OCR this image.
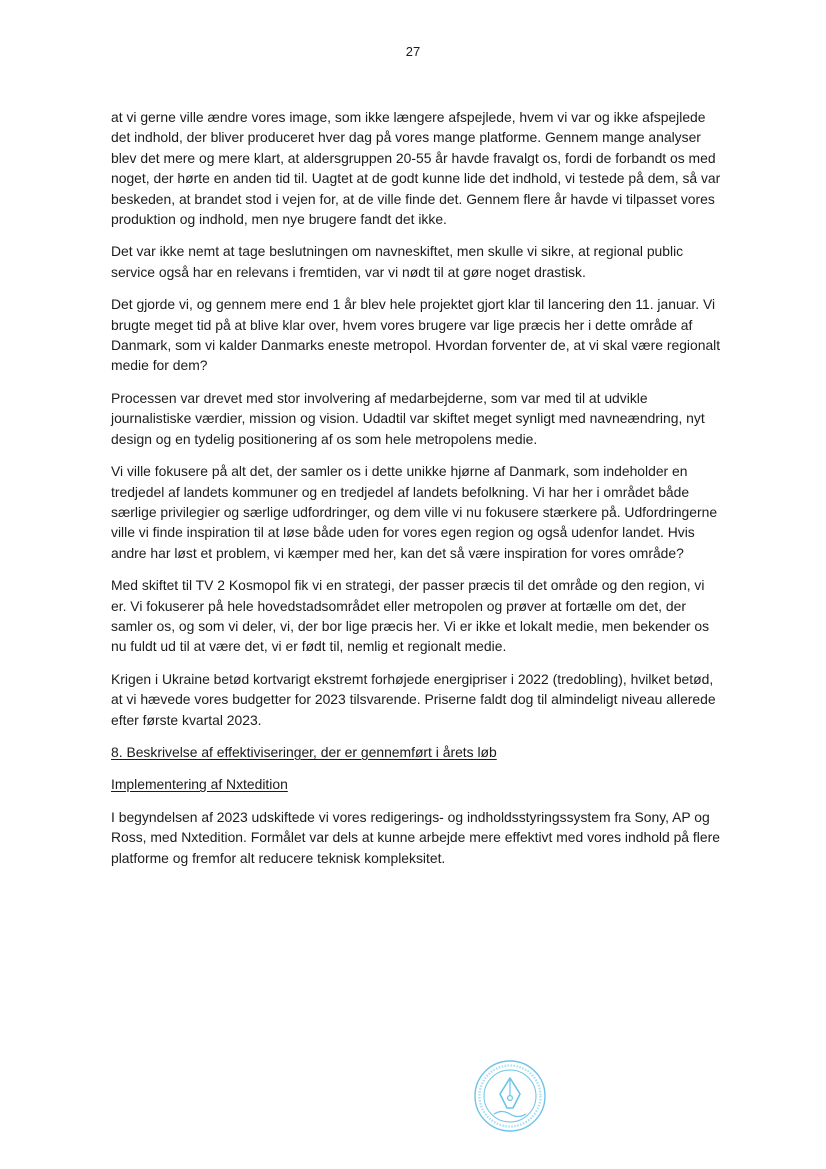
27

at vi gerne ville ændre vores image, som ikke længere afspejlede, hvem vi var og ikke afspejlede det indhold, der bliver produceret hver dag på vores mange platforme. Gennem mange analyser blev det mere og mere klart, at aldersgruppen 20-55 år havde fravalgt os, fordi de forbandt os med noget, der hørte en anden tid til. Uagtet at de godt kunne lide det indhold, vi testede på dem, så var beskeden, at brandet stod i vejen for, at de ville finde det. Gennem flere år havde vi tilpasset vores produktion og indhold, men nye brugere fandt det ikke.

Det var ikke nemt at tage beslutningen om navneskiftet, men skulle vi sikre, at regional public service også har en relevans i fremtiden, var vi nødt til at gøre noget drastisk.

Det gjorde vi, og gennem mere end 1 år blev hele projektet gjort klar til lancering den 11. januar. Vi brugte meget tid på at blive klar over, hvem vores brugere var lige præcis her i dette område af Danmark, som vi kalder Danmarks eneste metropol. Hvordan forventer de, at vi skal være regionalt medie for dem?

Processen var drevet med stor involvering af medarbejderne, som var med til at udvikle journalistiske værdier, mission og vision. Udadtil var skiftet meget synligt med navneændring, nyt design og en tydelig positionering af os som hele metropolens medie.

Vi ville fokusere på alt det, der samler os i dette unikke hjørne af Danmark, som indeholder en tredjedel af landets kommuner og en tredjedel af landets befolkning. Vi har her i området både særlige privilegier og særlige udfordringer, og dem ville vi nu fokusere stærkere på. Udfordringerne ville vi finde inspiration til at løse både uden for vores egen region og også udenfor landet. Hvis andre har løst et problem, vi kæmper med her, kan det så være inspiration for vores område?

Med skiftet til TV 2 Kosmopol fik vi en strategi, der passer præcis til det område og den region, vi er. Vi fokuserer på hele hovedstadsområdet eller metropolen og prøver at fortælle om det, der samler os, og som vi deler, vi, der bor lige præcis her. Vi er ikke et lokalt medie, men bekender os nu fuldt ud til at være det, vi er født til, nemlig et regionalt medie.

Krigen i Ukraine betød kortvarigt ekstremt forhøjede energipriser i 2022 (tredobling), hvilket betød, at vi hævede vores budgetter for 2023 tilsvarende. Priserne faldt dog til almindeligt niveau allerede efter første kvartal 2023.

8. Beskrivelse af effektiviseringer, der er gennemført i årets løb

Implementering af Nxtedition

I begyndelsen af 2023 udskiftede vi vores redigerings- og indholdsstyringssystem fra Sony, AP og Ross, med Nxtedition. Formålet var dels at kunne arbejde mere effektivt med vores indhold på flere platforme og fremfor alt reducere teknisk kompleksitet.
